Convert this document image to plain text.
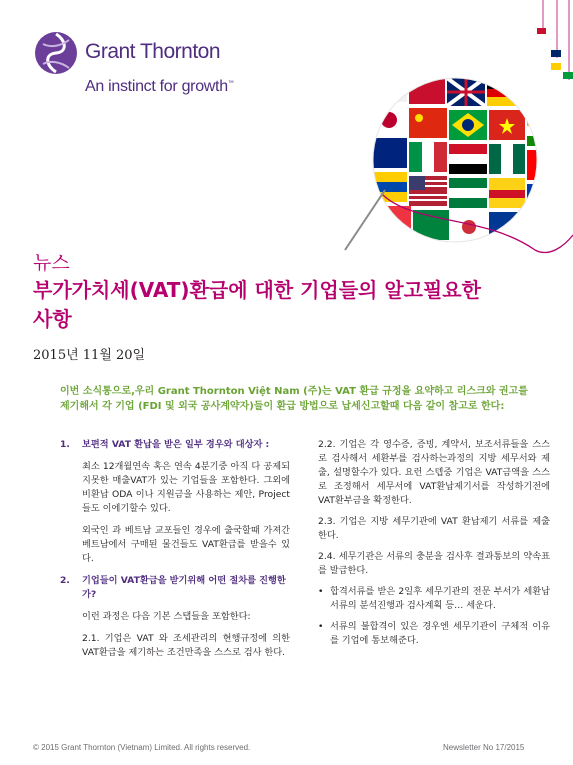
Grant Thornton
An instinct for growth™
뉴스
부가가치세(VAT)환급에 대한 기업들의 알고필요한 사항
2015년 11월 20일
이번 소식통으로,우리 Grant Thornton Việt Nam (주)는 VAT 환급 규정을 요약하고 리스크와 권고를 제기해서 각 기업 (FDI 및 외국 공사계약자)들이 환급 방법으로 납세신고할때 다음 같이 참고로 한다:
1.	보편적 VAT 환납을 받은 일부 경우와 대상자 :

최소 12개월연속 혹은 연속 4분기중 아직 다 공제되 지못한 매출VAT가 있는 기업들을 포함한다. 그외에 비환납 ODA 이나 지원금을 사용하는 제안, Project 들도 이에기할수 있다.

외국인 과 베트남 교포들인 경우에 출국할때 가져간 베트남에서 구매된 물건들도 VAT환급를 받을수 있다.

2.	기업들이 VAT환급을 받기위해 어떤 절차를 진행한가?

이런 과정은 다음 기본 스탭들을 포함한다:

2.1. 기업은 VAT 와 조세관리의 현행규정에 의한 VAT환급을 제기하는 조건만족을 스스로 검사 한다.

2.2. 기업은 각 영수증, 증빙, 계약서, 보조서류들을 스스로 검사해서 세환부를 검사하는과정의 지방 세무서와 제출, 설명할수가 있다. 요런 스텝중 기업은 VAT금액을 스스로 조정해서 세무서에 VAT환납제기서를 작성하기전에 VAT환부금을 확정한다.

2.3. 기업은 지방 세무기관에 VAT 환납제기 서류를 제출한다.

2.4. 세무기관은 서류의 충분을 검사후 결과통보의 약속표를 발급한다.

• 합격서류를 받은 2일후 세무기관의 전문 부서가 세환납서류의 분석진행과 검사계획 등… 세운다.
• 서류의 불합격이 있은 경우엔 세무기관이 구체적 이유를 기업에 통보해준다.
© 2015 Grant Thornton (Vietnam) Limited. All rights reserved.	Newsletter No 17/2015
